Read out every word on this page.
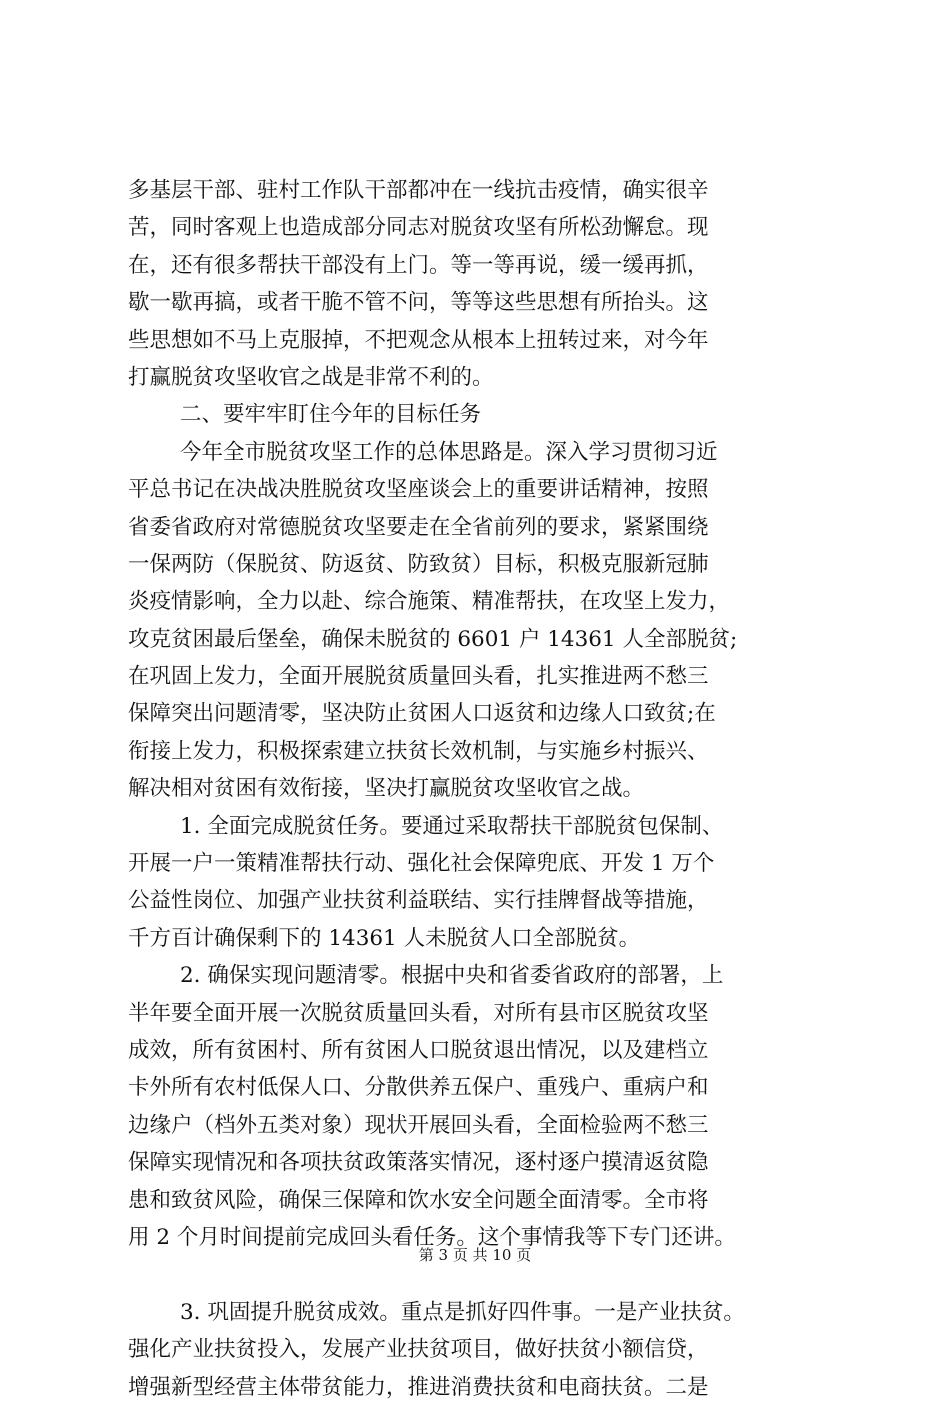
多基层干部、驻村工作队干部都冲在一线抗击疫情，确实很辛
苦，同时客观上也造成部分同志对脱贫攻坚有所松劲懈怠。现
在，还有很多帮扶干部没有上门。等一等再说，缓一缓再抓，
歇一歇再搞，或者干脆不管不问，等等这些思想有所抬头。这
些思想如不马上克服掉，不把观念从根本上扭转过来，对今年
打赢脱贫攻坚收官之战是非常不利的。
二、要牢牢盯住今年的目标任务
今年全市脱贫攻坚工作的总体思路是。深入学习贯彻习近
平总书记在决战决胜脱贫攻坚座谈会上的重要讲话精神，按照
省委省政府对常德脱贫攻坚要走在全省前列的要求，紧紧围绕
一保两防（保脱贫、防返贫、防致贫）目标，积极克服新冠肺
炎疫情影响，全力以赴、综合施策、精准帮扶，在攻坚上发力，
攻克贫困最后堡垒，确保未脱贫的 6601 户 14361 人全部脱贫;
在巩固上发力，全面开展脱贫质量回头看，扎实推进两不愁三
保障突出问题清零，坚决防止贫困人口返贫和边缘人口致贫;在
衔接上发力，积极探索建立扶贫长效机制，与实施乡村振兴、
解决相对贫困有效衔接，坚决打赢脱贫攻坚收官之战。
1. 全面完成脱贫任务。要通过采取帮扶干部脱贫包保制、
开展一户一策精准帮扶行动、强化社会保障兜底、开发 1 万个
公益性岗位、加强产业扶贫利益联结、实行挂牌督战等措施，
千方百计确保剩下的 14361 人未脱贫人口全部脱贫。
2. 确保实现问题清零。根据中央和省委省政府的部署，上
半年要全面开展一次脱贫质量回头看，对所有县市区脱贫攻坚
成效，所有贫困村、所有贫困人口脱贫退出情况，以及建档立
卡外所有农村低保人口、分散供养五保户、重残户、重病户和
边缘户（档外五类对象）现状开展回头看，全面检验两不愁三
保障实现情况和各项扶贫政策落实情况，逐村逐户摸清返贫隐
患和致贫风险，确保三保障和饮水安全问题全面清零。全市将
用 2 个月时间提前完成回头看任务。这个事情我等下专门还讲。
3. 巩固提升脱贫成效。重点是抓好四件事。一是产业扶贫。
强化产业扶贫投入，发展产业扶贫项目，做好扶贫小额信贷，
增强新型经营主体带贫能力，推进消费扶贫和电商扶贫。二是
第 3 页 共 10 页
